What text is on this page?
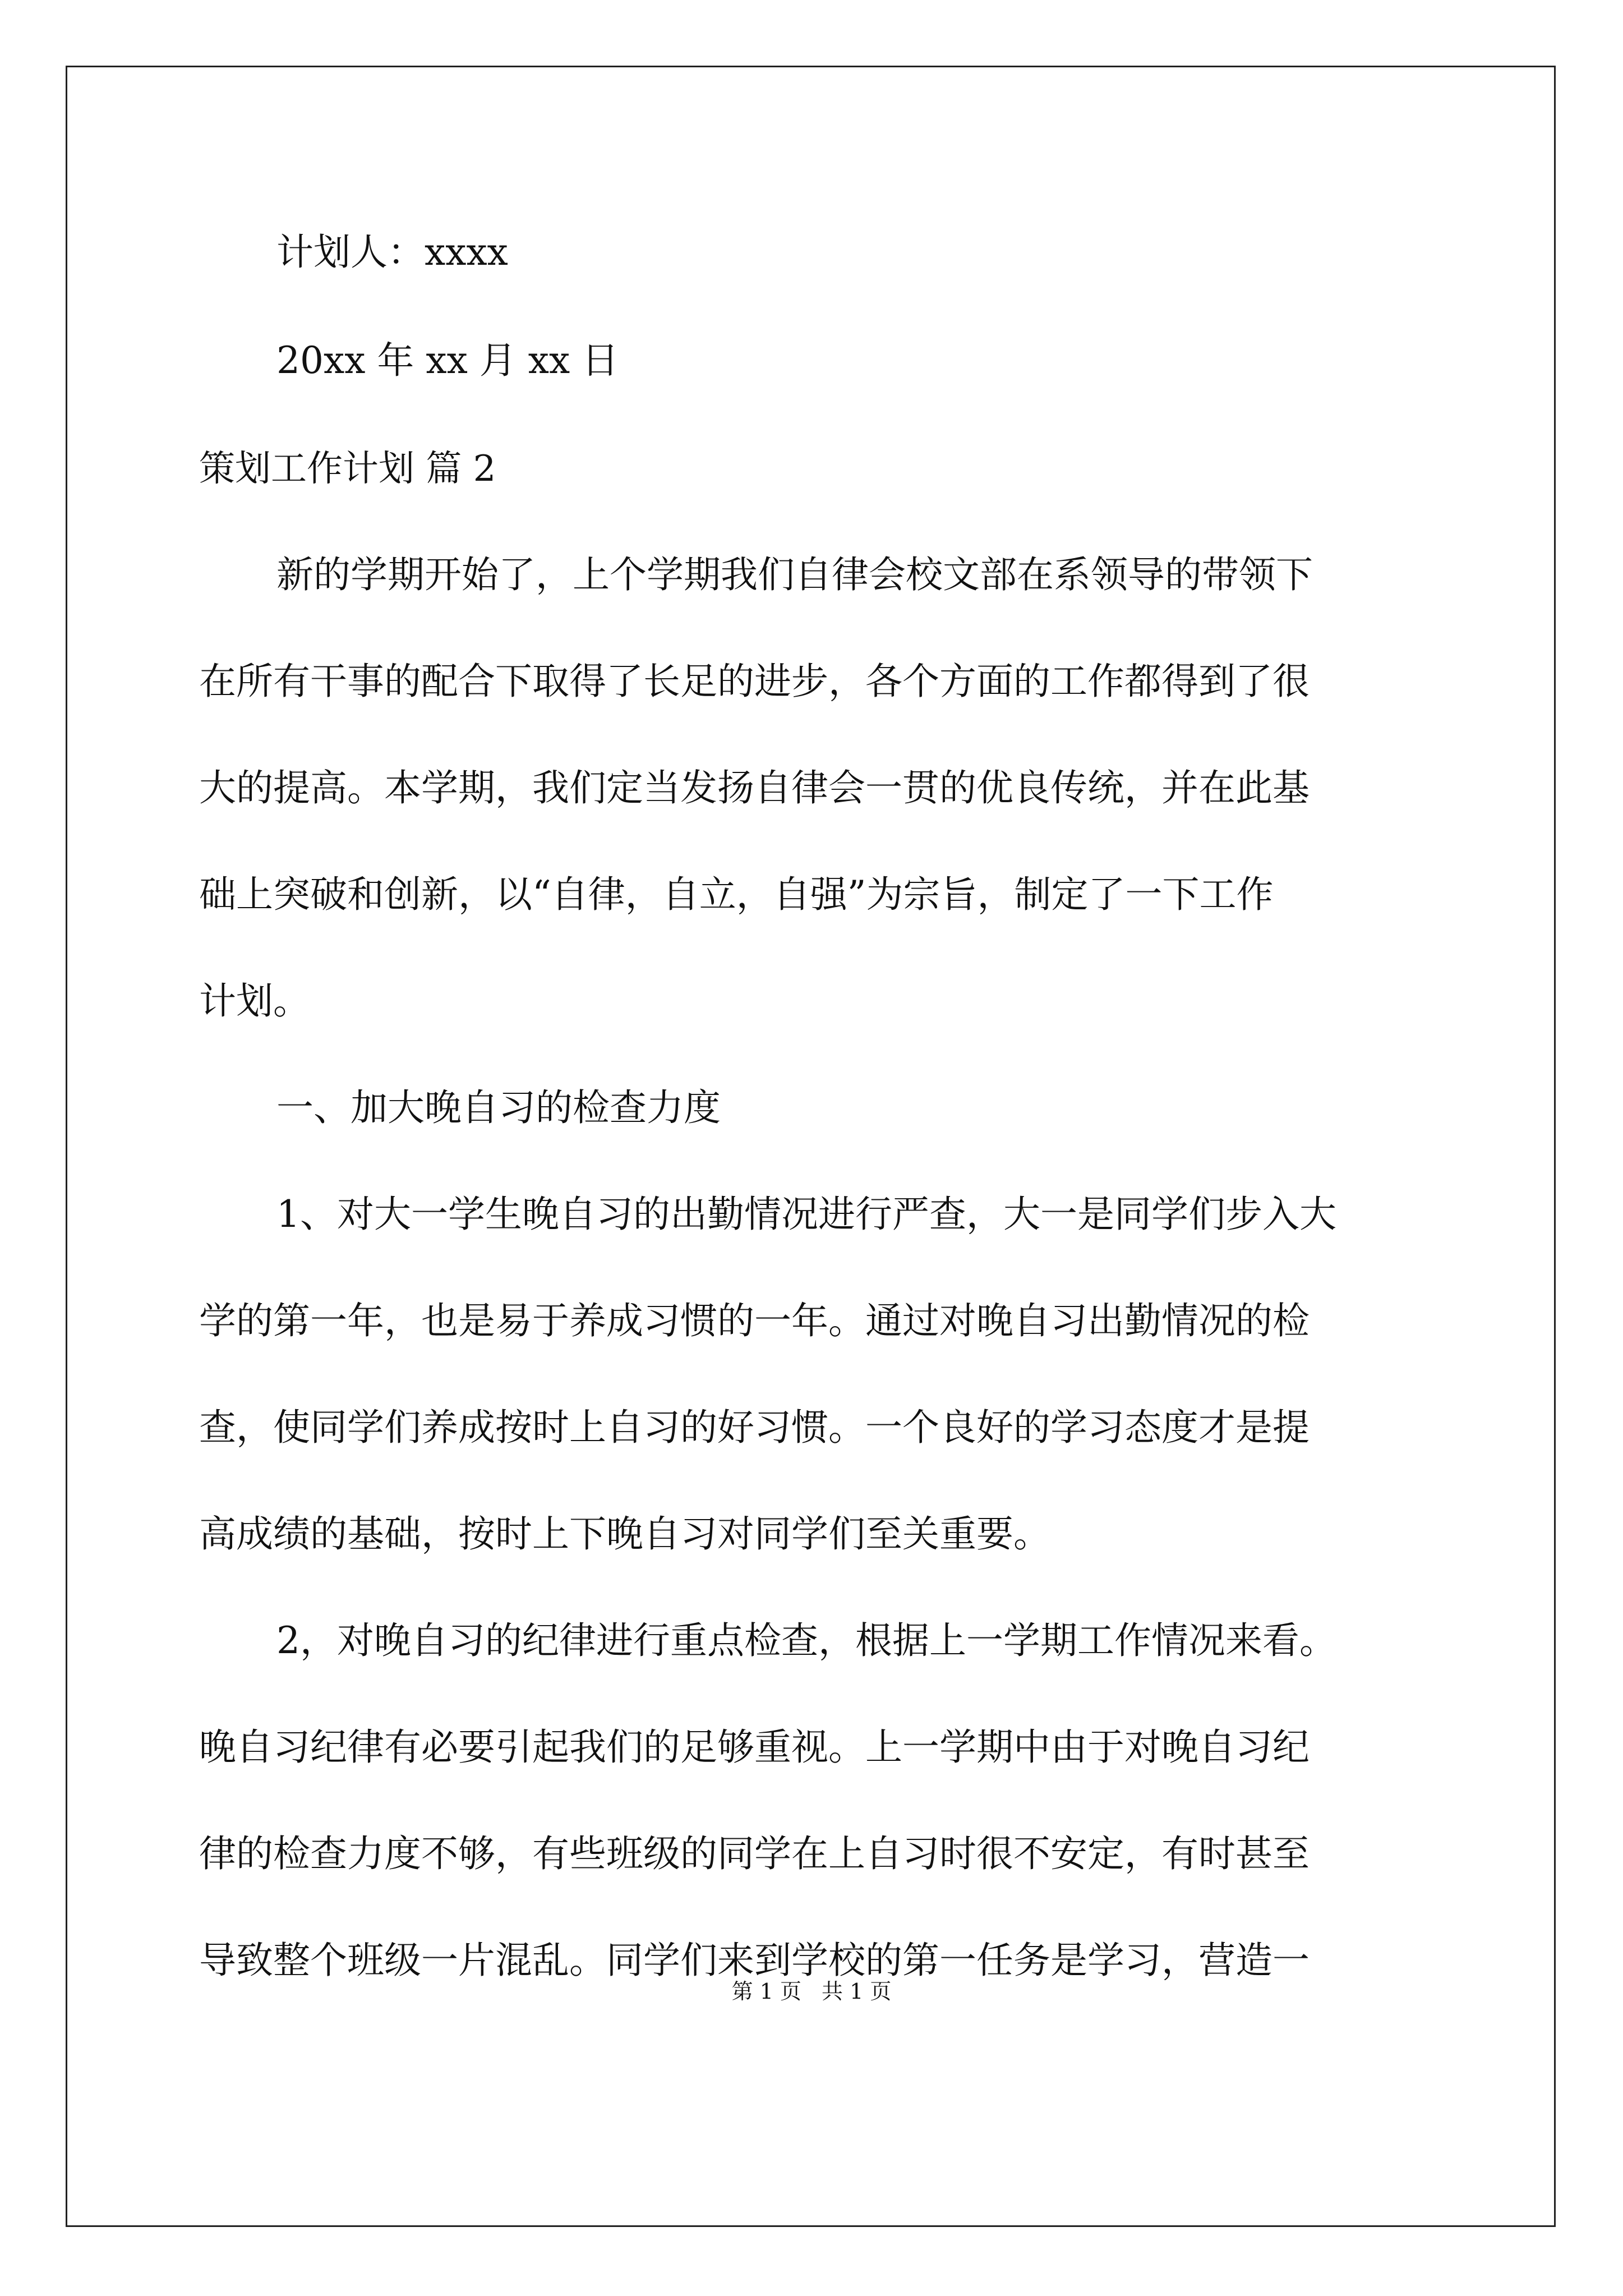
计划人：xxxx

20xx 年 xx 月 xx 日

策划工作计划 篇 2

新的学期开始了，上个学期我们自律会校文部在系领导的带领下

在所有干事的配合下取得了长足的进步，各个方面的工作都得到了很

大的提高。本学期，我们定当发扬自律会一贯的优良传统，并在此基

础上突破和创新，以“自律，自立，自强”为宗旨，制定了一下工作

计划。

一、加大晚自习的检查力度

1、对大一学生晚自习的出勤情况进行严查，大一是同学们步入大

学的第一年，也是易于养成习惯的一年。通过对晚自习出勤情况的检

查，使同学们养成按时上自习的好习惯。一个良好的学习态度才是提

高成绩的基础，按时上下晚自习对同学们至关重要。

2，对晚自习的纪律进行重点检查，根据上一学期工作情况来看。

晚自习纪律有必要引起我们的足够重视。上一学期中由于对晚自习纪

律的检查力度不够，有些班级的同学在上自习时很不安定，有时甚至

导致整个班级一片混乱。同学们来到学校的第一任务是学习，营造一

第 1 页 共 1 页
